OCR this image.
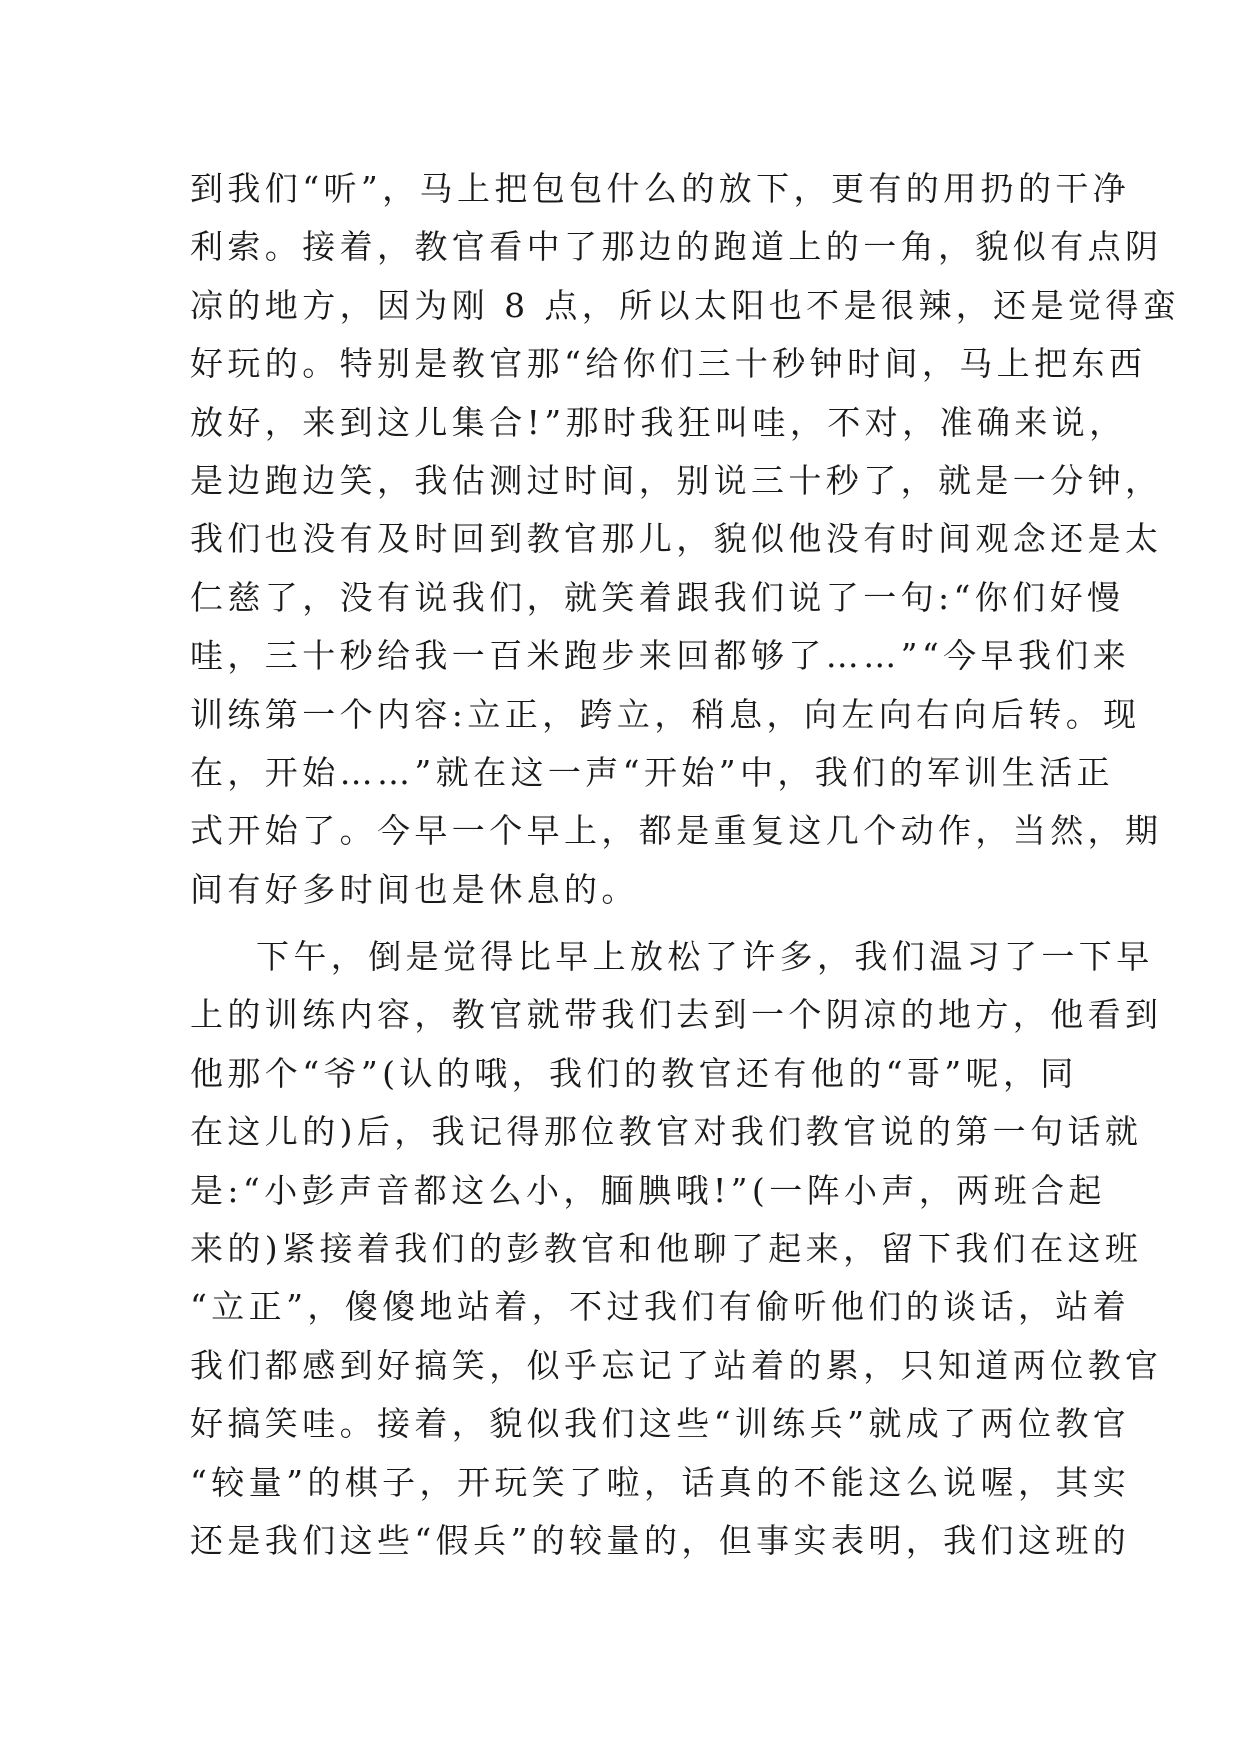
到我们“听”，马上把包包什么的放下，更有的用扔的干净
利索。接着，教官看中了那边的跑道上的一角，貌似有点阴
凉的地方，因为刚 8 点，所以太阳也不是很辣，还是觉得蛮
好玩的。特别是教官那“给你们三十秒钟时间，马上把东西
放好，来到这儿集合!”那时我狂叫哇，不对，准确来说，
是边跑边笑，我估测过时间，别说三十秒了，就是一分钟，
我们也没有及时回到教官那儿，貌似他没有时间观念还是太
仁慈了，没有说我们，就笑着跟我们说了一句:“你们好慢
哇，三十秒给我一百米跑步来回都够了……”“今早我们来
训练第一个内容:立正，跨立，稍息，向左向右向后转。现
在，开始……”就在这一声“开始”中，我们的军训生活正
式开始了。今早一个早上，都是重复这几个动作，当然，期
间有好多时间也是休息的。
下午，倒是觉得比早上放松了许多，我们温习了一下早
上的训练内容，教官就带我们去到一个阴凉的地方，他看到
他那个“爷”(认的哦，我们的教官还有他的“哥”呢，同
在这儿的)后，我记得那位教官对我们教官说的第一句话就
是:“小彭声音都这么小，腼腆哦!”(一阵小声，两班合起
来的)紧接着我们的彭教官和他聊了起来，留下我们在这班
“立正”，傻傻地站着，不过我们有偷听他们的谈话，站着
我们都感到好搞笑，似乎忘记了站着的累，只知道两位教官
好搞笑哇。接着，貌似我们这些“训练兵”就成了两位教官
“较量”的棋子，开玩笑了啦，话真的不能这么说喔，其实
还是我们这些“假兵”的较量的，但事实表明，我们这班的
